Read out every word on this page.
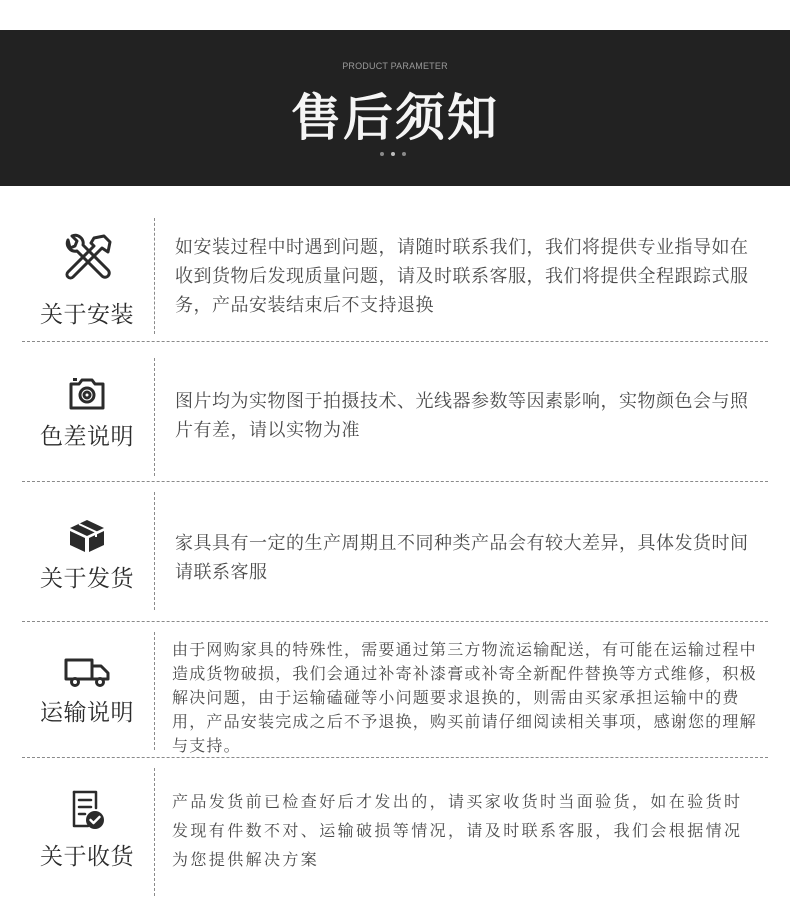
PRODUCT PARAMETER
售后须知
关于安装
如安装过程中时遇到问题，请随时联系我们，我们将提供专业指导如在收到货物后发现质量问题，请及时联系客服，我们将提供全程跟踪式服务，产品安装结束后不支持退换
色差说明
图片均为实物图于拍摄技术、光线器参数等因素影响，实物颜色会与照片有差，请以实物为准
关于发货
家具具有一定的生产周期且不同种类产品会有较大差异，具体发货时间请联系客服
运输说明
由于网购家具的特殊性，需要通过第三方物流运输配送，有可能在运输过程中造成货物破损，我们会通过补寄补漆膏或补寄全新配件替换等方式维修，积极解决问题，由于运输磕碰等小问题要求退换的，则需由买家承担运输中的费用，产品安装完成之后不予退换，购买前请仔细阅读相关事项，感谢您的理解与支持。
关于收货
产品发货前已检查好后才发出的，请买家收货时当面验货，如在验货时发现有件数不对、运输破损等情况，请及时联系客服，我们会根据情况为您提供解决方案
